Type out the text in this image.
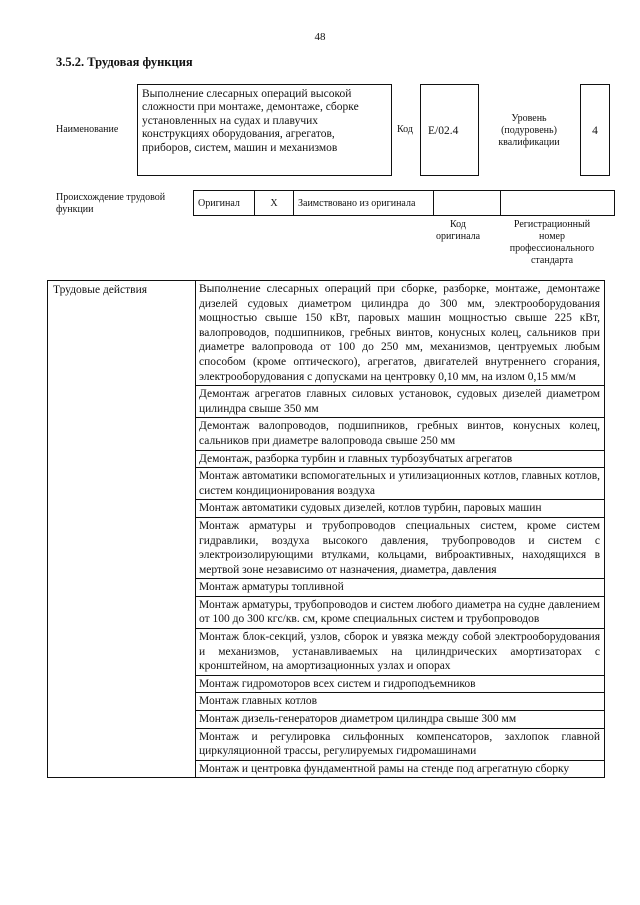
48
3.5.2. Трудовая функция
Наименование
Выполнение слесарных операций высокой сложности при монтаже, демонтаже, сборке установленных на судах и плавучих конструкциях оборудования, агрегатов, приборов, систем, машин и механизмов
Код	E/02.4
Уровень (подуровень) квалификации
4
Происхождение трудовой функции
Оригинал	X	Заимствовано из оригинала		
Код оригинала
Регистрационный номер профессионального стандарта
Трудовые действия	Выполнение слесарных операций при сборке, разборке, монтаже, демонтаже дизелей судовых диаметром цилиндра до 300 мм, электрооборудования мощностью свыше 150 кВт, паровых машин мощностью свыше 225 кВт, валопроводов, подшипников, гребных винтов, конусных колец, сальников при диаметре валопровода от 100 до 250 мм, механизмов, центруемых любым способом (кроме оптического), агрегатов, двигателей внутреннего сгорания, электрооборудования с допусками на центровку 0,10 мм, на излом 0,15 мм/м
Демонтаж агрегатов главных силовых установок, судовых дизелей диаметром цилиндра свыше 350 мм
Демонтаж валопроводов, подшипников, гребных винтов, конусных колец, сальников при диаметре валопровода свыше 250 мм
Демонтаж, разборка турбин и главных турбозубчатых агрегатов
Монтаж автоматики вспомогательных и утилизационных котлов, главных котлов, систем кондиционирования воздуха
Монтаж автоматики судовых дизелей, котлов турбин, паровых машин
Монтаж арматуры и трубопроводов специальных систем, кроме систем гидравлики, воздуха высокого давления, трубопроводов и систем с электроизолирующими втулками, кольцами, виброактивных, находящихся в мертвой зоне независимо от назначения, диаметра, давления
Монтаж арматуры топливной
Монтаж арматуры, трубопроводов и систем любого диаметра на судне давлением от 100 до 300 кгс/кв. см, кроме специальных систем и трубопроводов
Монтаж блок-секций, узлов, сборок и увязка между собой электрооборудования и механизмов, устанавливаемых на цилиндрических амортизаторах с кронштейном, на амортизационных узлах и опорах
Монтаж гидромоторов всех систем и гидроподъемников
Монтаж главных котлов
Монтаж дизель-генераторов диаметром цилиндра свыше 300 мм
Монтаж и регулировка сильфонных компенсаторов, захлопок главной циркуляционной трассы, регулируемых гидромашинами
Монтаж и центровка фундаментной рамы на стенде под агрегатную сборку
